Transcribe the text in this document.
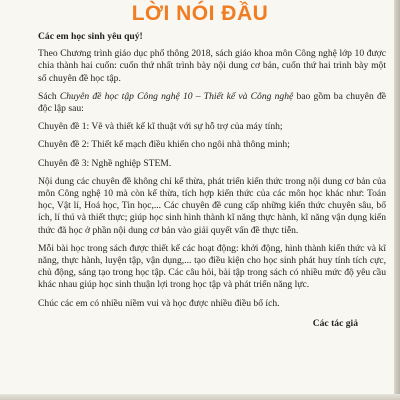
LỜI NÓI ĐẦU

Các em học sinh yêu quý!

Theo Chương trình giáo dục phổ thông 2018, sách giáo khoa môn Công nghệ lớp 10 được chia thành hai cuốn: cuốn thứ nhất trình bày nội dung cơ bản, cuốn thứ hai trình bày một số chuyên đề học tập.

Sách Chuyên đề học tập Công nghệ 10 – Thiết kế và Công nghệ bao gồm ba chuyên đề độc lập sau:

Chuyên đề 1: Vẽ và thiết kế kĩ thuật với sự hỗ trợ của máy tính;

Chuyên đề 2: Thiết kế mạch điều khiển cho ngôi nhà thông minh;

Chuyên đề 3: Nghề nghiệp STEM.

Nội dung các chuyên đề không chỉ kế thừa, phát triển kiến thức trong nội dung cơ bản của môn Công nghệ 10 mà còn kế thừa, tích hợp kiến thức của các môn học khác như: Toán học, Vật lí, Hoá học, Tin học,... Các chuyên đề cung cấp những kiến thức chuyên sâu, bổ ích, lí thú và thiết thực; giúp học sinh hình thành kĩ năng thực hành, kĩ năng vận dụng kiến thức đã học ở phần nội dung cơ bản vào giải quyết vấn đề thực tiễn.

Mỗi bài học trong sách được thiết kế các hoạt động: khởi động, hình thành kiến thức và kĩ năng, thực hành, luyện tập, vận dụng,... tạo điều kiện cho học sinh phát huy tính tích cực, chủ động, sáng tạo trong học tập. Các câu hỏi, bài tập trong sách có nhiều mức độ yêu cầu khác nhau giúp học sinh thuận lợi trong học tập và phát triển năng lực.

Chúc các em có nhiều niềm vui và học được nhiều điều bổ ích.

Các tác giả
